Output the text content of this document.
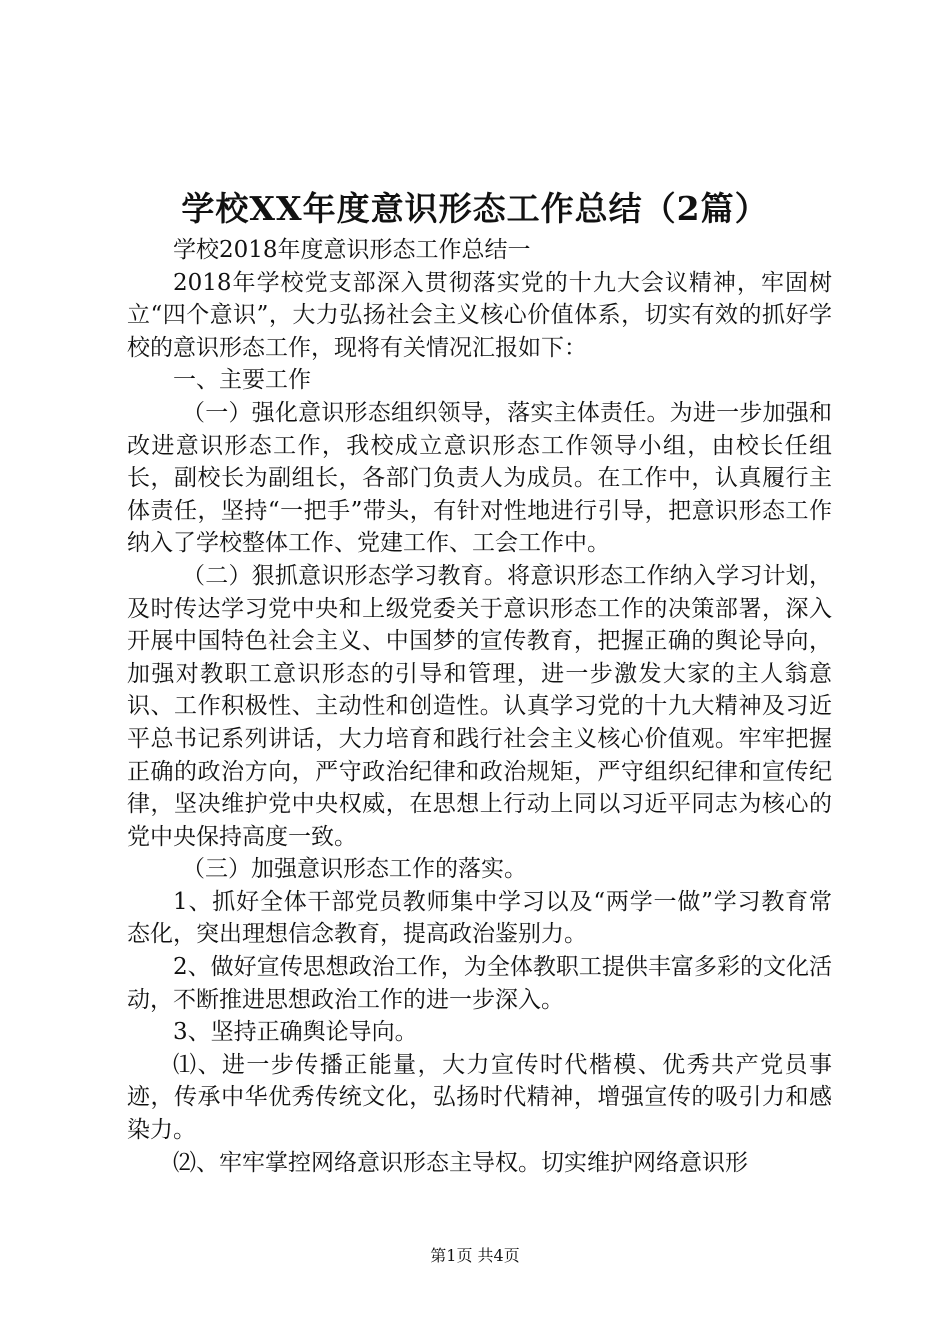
学校XX年度意识形态工作总结（2篇）

学校2018年度意识形态工作总结一

2018年学校党支部深入贯彻落实党的十九大会议精神，牢固树立“四个意识”，大力弘扬社会主义核心价值体系，切实有效的抓好学校的意识形态工作，现将有关情况汇报如下：

一、主要工作

（一）强化意识形态组织领导，落实主体责任。为进一步加强和改进意识形态工作，我校成立意识形态工作领导小组，由校长任组长，副校长为副组长，各部门负责人为成员。在工作中，认真履行主体责任，坚持“一把手”带头，有针对性地进行引导，把意识形态工作纳入了学校整体工作、党建工作、工会工作中。

（二）狠抓意识形态学习教育。将意识形态工作纳入学习计划，及时传达学习党中央和上级党委关于意识形态工作的决策部署，深入开展中国特色社会主义、中国梦的宣传教育，把握正确的舆论导向，加强对教职工意识形态的引导和管理，进一步激发大家的主人翁意识、工作积极性、主动性和创造性。认真学习党的十九大精神及习近平总书记系列讲话，大力培育和践行社会主义核心价值观。牢牢把握正确的政治方向，严守政治纪律和政治规矩，严守组织纪律和宣传纪律，坚决维护党中央权威，在思想上行动上同以习近平同志为核心的党中央保持高度一致。

（三）加强意识形态工作的落实。

1、抓好全体干部党员教师集中学习以及“两学一做”学习教育常态化，突出理想信念教育，提高政治鉴别力。

2、做好宣传思想政治工作，为全体教职工提供丰富多彩的文化活动，不断推进思想政治工作的进一步深入。

3、坚持正确舆论导向。

⑴、进一步传播正能量，大力宣传时代楷模、优秀共产党员事迹，传承中华优秀传统文化，弘扬时代精神，增强宣传的吸引力和感染力。

⑵、牢牢掌控网络意识形态主导权。切实维护网络意识形

第1页 共4页
